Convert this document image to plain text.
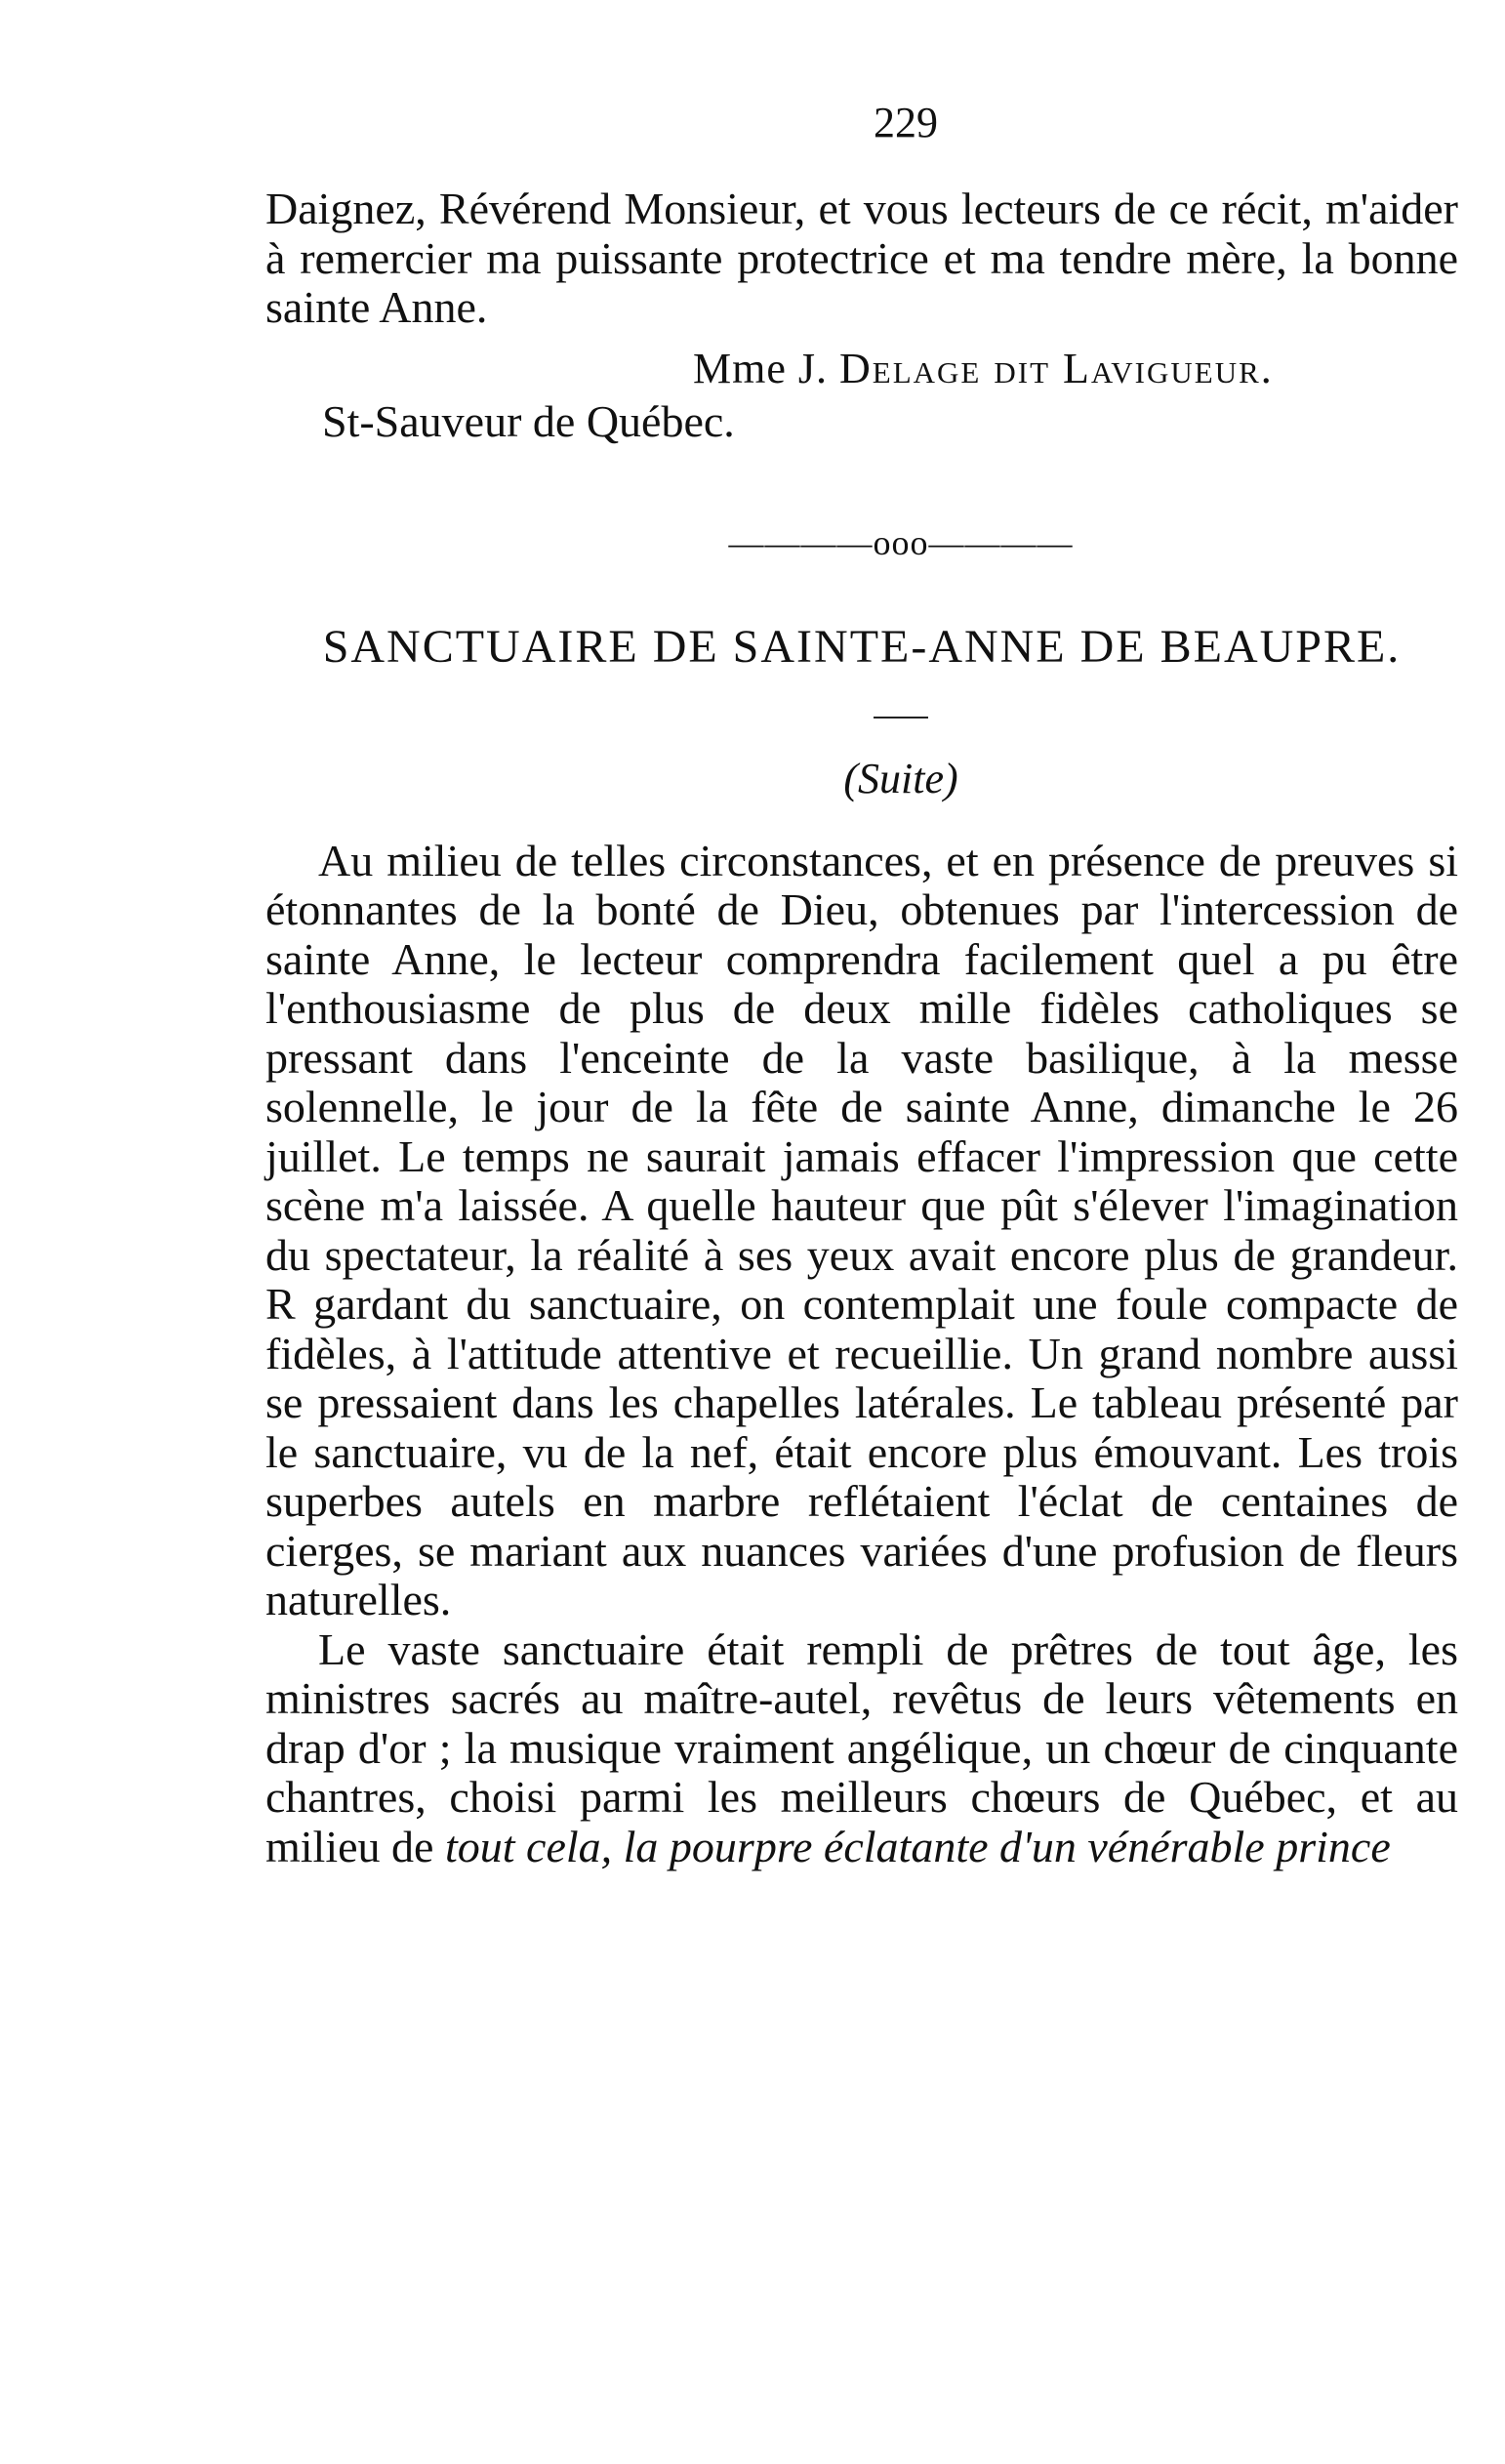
229

Daignez, Révérend Monsieur, et vous lecteurs de ce récit, m'aider à remercier ma puissante protectrice et ma tendre mère, la bonne sainte Anne.

Mme J. Delage dit Lavigueur.
St-Sauveur de Québec.
————ooo————
SANCTUAIRE DE SAINTE-ANNE DE BEAUPRE.
(Suite)

Au milieu de telles circonstances, et en présence de preuves si étonnantes de la bonté de Dieu, obtenues par l'intercession de sainte Anne, le lecteur comprendra facilement quel a pu être l'enthousiasme de plus de deux mille fidèles catholiques se pressant dans l'enceinte de la vaste basilique, à la messe solennelle, le jour de la fête de sainte Anne, dimanche le 26 juillet. Le temps ne saurait jamais effacer l'impression que cette scène m'a laissée. A quelle hauteur que pût s'élever l'imagination du spectateur, la réalité à ses yeux avait encore plus de grandeur. R gardant du sanctuaire, on contemplait une foule compacte de fidèles, à l'attitude attentive et recueillie. Un grand nombre aussi se pressaient dans les chapelles latérales. Le tableau présenté par le sanctuaire, vu de la nef, était encore plus émouvant. Les trois superbes autels en marbre reflétaient l'éclat de centaines de cierges, se mariant aux nuances variées d'une profusion de fleurs naturelles.

Le vaste sanctuaire était rempli de prêtres de tout âge, les ministres sacrés au maître-autel, revêtus de leurs vêtements en drap d'or ; la musique vraiment angélique, un chœur de cinquante chantres, choisi parmi les meilleurs chœurs de Québec, et au milieu de tout cela, la pourpre éclatante d'un vénérable prince
